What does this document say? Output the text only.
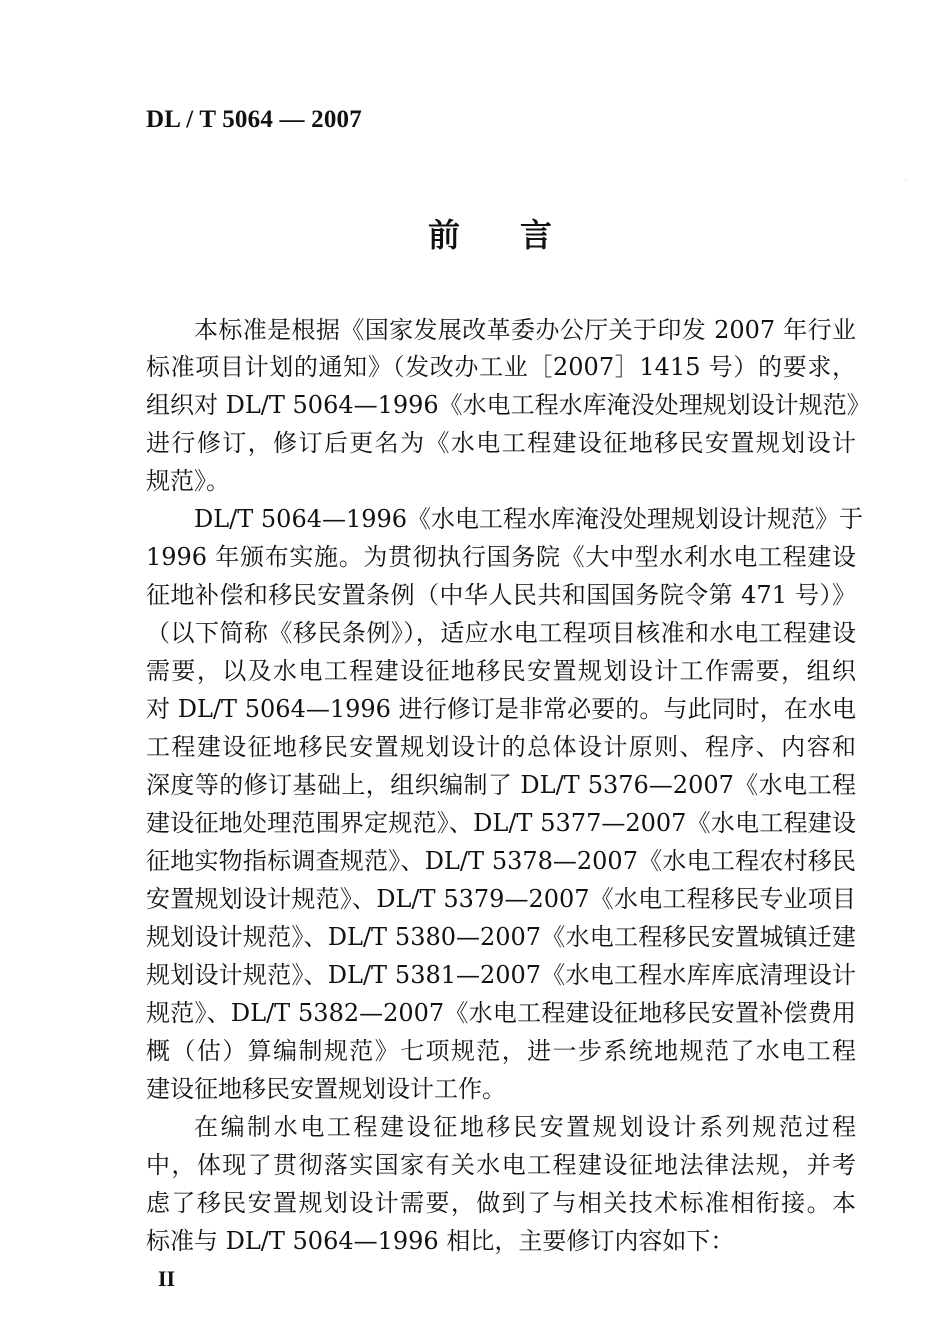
DL / T 5064 — 2007
前言
本标准是根据《国家发展改革委办公厅关于印发 2007 年行业
标准项目计划的通知》（发改办工业［2007］1415 号）的要求，
组织对 DL/T 5064—1996《水电工程水库淹没处理规划设计规范》
进行修订，修订后更名为《水电工程建设征地移民安置规划设计
规范》。
DL/T 5064—1996《水电工程水库淹没处理规划设计规范》于
1996 年颁布实施。为贯彻执行国务院《大中型水利水电工程建设
征地补偿和移民安置条例（中华人民共和国国务院令第 471 号）》
（以下简称《移民条例》），适应水电工程项目核准和水电工程建设
需要，以及水电工程建设征地移民安置规划设计工作需要，组织
对 DL/T 5064—1996 进行修订是非常必要的。与此同时，在水电
工程建设征地移民安置规划设计的总体设计原则、程序、内容和
深度等的修订基础上，组织编制了 DL/T 5376—2007《水电工程
建设征地处理范围界定规范》、DL/T 5377—2007《水电工程建设
征地实物指标调查规范》、DL/T 5378—2007《水电工程农村移民
安置规划设计规范》、DL/T 5379—2007《水电工程移民专业项目
规划设计规范》、DL/T 5380—2007《水电工程移民安置城镇迁建
规划设计规范》、DL/T 5381—2007《水电工程水库库底清理设计
规范》、DL/T 5382—2007《水电工程建设征地移民安置补偿费用
概（估）算编制规范》七项规范，进一步系统地规范了水电工程
建设征地移民安置规划设计工作。
在编制水电工程建设征地移民安置规划设计系列规范过程
中，体现了贯彻落实国家有关水电工程建设征地法律法规，并考
虑了移民安置规划设计需要，做到了与相关技术标准相衔接。本
标准与 DL/T 5064—1996 相比，主要修订内容如下：
II
